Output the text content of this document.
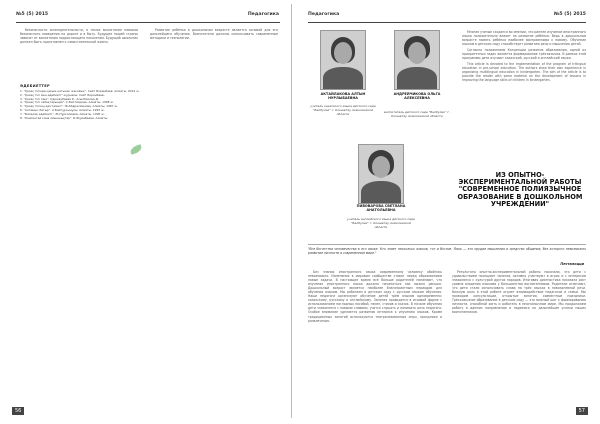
№5 (5) 2015	Педагогика

безопасности жизнедеятельности, а также воспитание навыков безопасного поведения на дороге и в быту. Будущее нашей страны зависит от воспитания подрастающего поколения. Будущий школьник должен быть подготовлен к самостоятельной жизни.

Развитие ребёнка в дошкольном возрасте является основой для его дальнейшего обучения. Воспитатели должны использовать современные методики и технологии.

ӘДЕБИЕТТЕР
1. "Қазақ тілінде қарым-қатынас жасайық". Сейт Боранбаев. Алматы, 2012 ж.
2. "Қазақ тілі мен әдебиеті" журналы. Сейт Боранбаев.
3. "Қазақ тілі пәні". Қаржаубаева Р., Асылбекова Д.
4. "Қазақ тілі сабақтарында". С.Бахтиярова. Алматы, 1998 ж.
5. "Қазақ тілінің әдістемесі". Ж.Абдрахманова. Алматы, 1987 ж.
6. "Алпамыс батыр". А.Байтұрсынұлы. Алматы, 1993 ж.
7. "Балалар әдебиеті". Ж.Нұрғалиева, Алматы, 1995 ж.
8. "Кішкентай ғана ойыншықтар". Б.Жұмабаева. Алматы.
56
Педагогика	№5 (5) 2015
АКТАЙЛАКОВА АЛТЫН НУРЛЫБАЕВНА
учитель казахского языка детского сада "Балбулак" г. Кокшетау Акмолинской области
АНДРЕЙЧИКОВА ОЛЬГА АЛЕКСЕЕВНА
воспитатель детского сада "Балбулак" г. Кокшетау Акмолинской области
ПИВОВАРОВА СВЕТЛАНА АНАТОЛЬЕВНА
учитель английского языка детского сада "Балбулак" г. Кокшетау Акмолинской области

Многие ученые сходятся во мнении, что раннее изучение иностранного языка положительно влияет на развитие ребёнка. Ведь в дошкольном возрасте память ребёнка наиболее восприимчива к новому. Обучение языкам в детском саду способствует развитию речи и мышления детей.

Согласно положениям Концепции развития образования, одной из приоритетных задач является формирование трёхъязычия. В рамках этой программы дети изучают казахский, русский и английский языки.

This article is devoted to the implementation of the program of trilingual education in pre-school education. The authors show their own experience in organizing multilingual education in kindergarten. The aim of the article is to provide the reader with some material on the development of lessons in improving the language skills of children in kindergarten.

ИЗ ОПЫТНО-ЭКСПЕРИМЕНТАЛЬНОЙ РАБОТЫ "СОВРЕМЕННОЕ ПОЛИЯЗЫЧНОЕ ОБРАЗОВАНИЕ В ДОШКОЛЬНОМ УЧРЕЖДЕНИИ"
"Все богатства человечества в его языке. Кто знает несколько языков, тот и богаче. Язык — это орудие мышления и средство общения, без которого невозможно развитие личности в современном мире."
Песталоцци

Без знания иностранного языка современному человеку обойтись невозможно. Изменения в мировом сообществе ставят перед образованием новые задачи. В настоящее время всё больше родителей понимают, что изучение иностранного языка должно начинаться как можно раньше. Дошкольный возраст является наиболее благоприятным периодом для обучения языкам. Мы работаем в детском саду с русским языком обучения. Наши педагоги организуют обучение детей трём языкам одновременно: казахскому, русскому и английскому. Занятия проводятся в игровой форме с использованием наглядных пособий, песен, стихов и сказок. В начале обучения дети знакомятся с новыми словами, учатся слушать и понимать речь педагога. Особое внимание уделяется развитию интереса к изучению языков. Кроме традиционных занятий используются театрализованные игры, праздники и развлечения.

Результаты опытно-экспериментальной работы показали, что дети с удовольствием посещают занятия, активно участвуют в играх и с интересом знакомятся с культурой других народов. Итоговая диагностика показала рост уровня владения языками у большинства воспитанников. Родители отмечают, что дети стали использовать слова на трёх языках в повседневной речи. Важную роль в этой работе играет взаимодействие педагогов и семьи. Мы проводим консультации, открытые занятия, совместные праздники. Трёхъязычное образование в детском саду — это важный шаг к формированию личности, способной жить и работать в многоязычном мире. Мы продолжаем работу в данном направлении и надеемся на дальнейшие успехи наших воспитанников.

57
